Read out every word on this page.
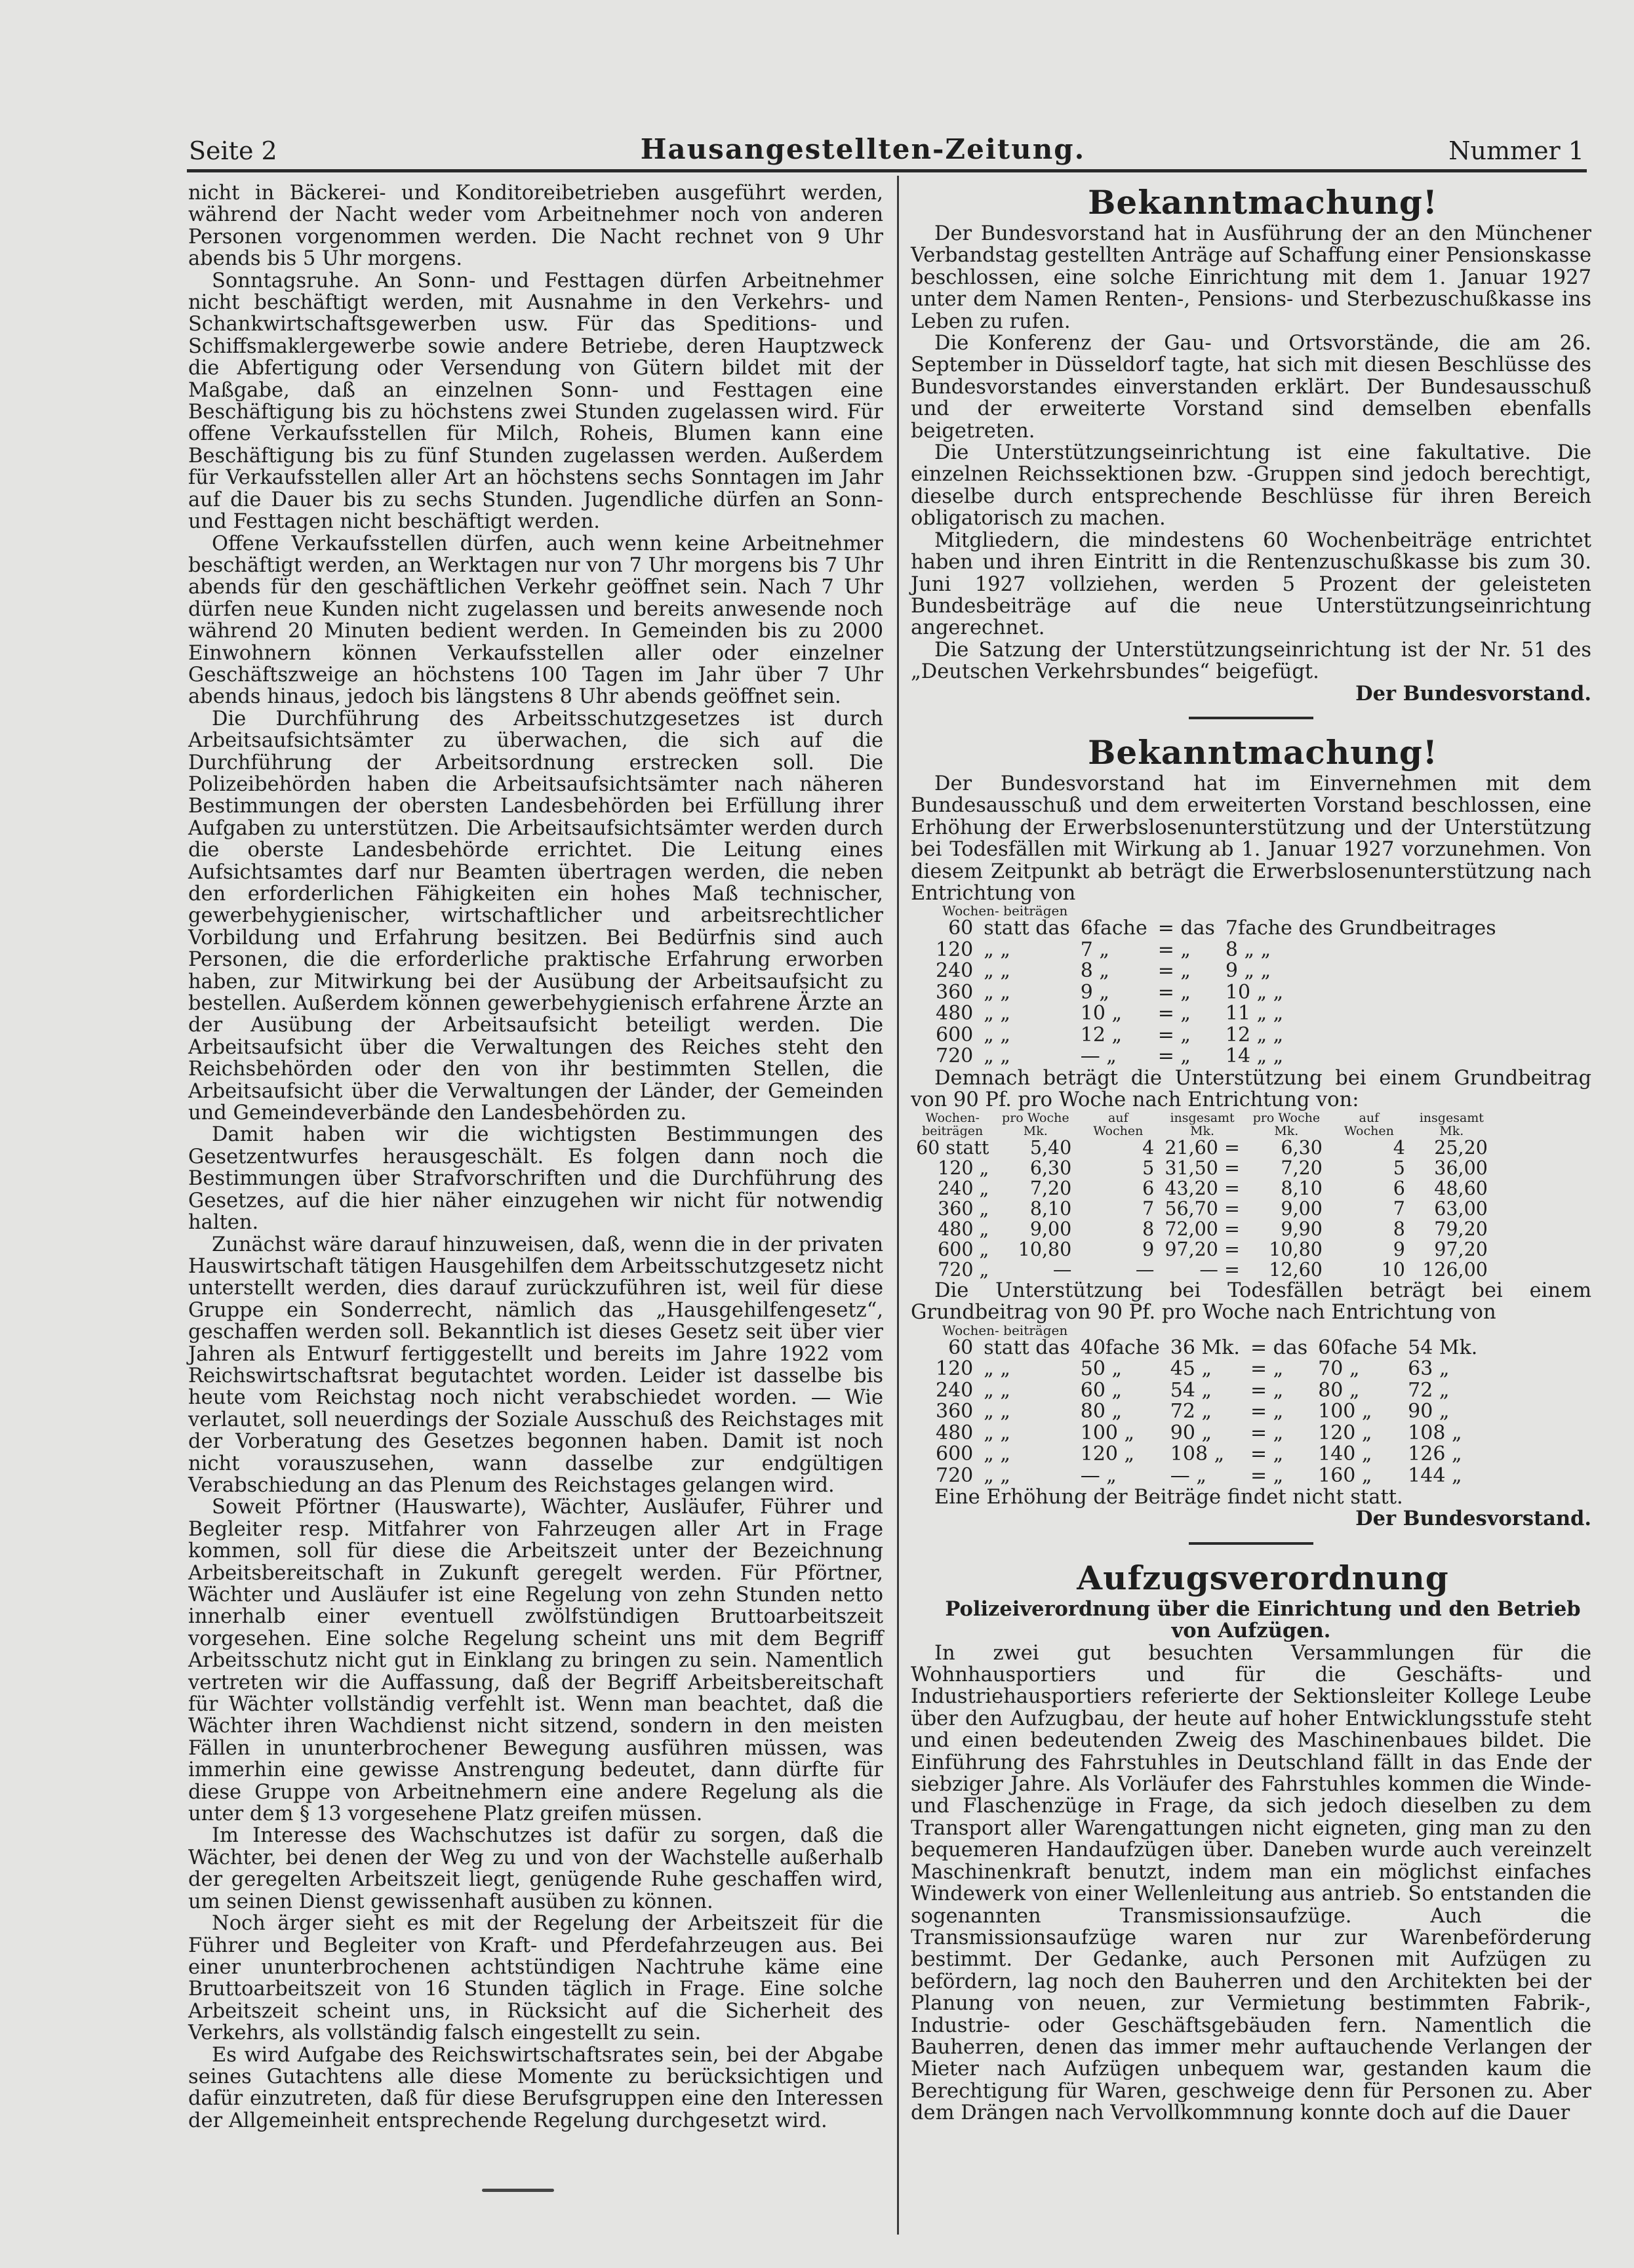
Seite 2	Hausangestellten-Zeitung.	Nummer 1

nicht in Bäckerei- und Konditoreibetrieben ausgeführt werden, während der Nacht weder vom Arbeitnehmer noch von anderen Personen vorgenommen werden. Die Nacht rechnet von 9 Uhr abends bis 5 Uhr morgens.

Sonntagsruhe. An Sonn- und Festtagen dürfen Arbeitnehmer nicht beschäftigt werden, mit Ausnahme in den Verkehrs- und Schankwirtschaftsgewerben usw. Für das Speditions- und Schiffsmaklergewerbe sowie andere Betriebe, deren Hauptzweck die Abfertigung oder Versendung von Gütern bildet mit der Maßgabe, daß an einzelnen Sonn- und Festtagen eine Beschäftigung bis zu höchstens zwei Stunden zugelassen wird. Für offene Verkaufsstellen für Milch, Roheis, Blumen kann eine Beschäftigung bis zu fünf Stunden zugelassen werden. Außerdem für Verkaufsstellen aller Art an höchstens sechs Sonntagen im Jahr auf die Dauer bis zu sechs Stunden. Jugendliche dürfen an Sonn- und Festtagen nicht beschäftigt werden.

Offene Verkaufsstellen dürfen, auch wenn keine Arbeitnehmer beschäftigt werden, an Werktagen nur von 7 Uhr morgens bis 7 Uhr abends für den geschäftlichen Verkehr geöffnet sein. Nach 7 Uhr dürfen neue Kunden nicht zugelassen und bereits anwesende noch während 20 Minuten bedient werden. In Gemeinden bis zu 2000 Einwohnern können Verkaufsstellen aller oder einzelner Geschäftszweige an höchstens 100 Tagen im Jahr über 7 Uhr abends hinaus, jedoch bis längstens 8 Uhr abends geöffnet sein.

Die Durchführung des Arbeitsschutzgesetzes ist durch Arbeitsaufsichtsämter zu überwachen, die sich auf die Durchführung der Arbeitsordnung erstrecken soll. Die Polizeibehörden haben die Arbeitsaufsichtsämter nach näheren Bestimmungen der obersten Landesbehörden bei Erfüllung ihrer Aufgaben zu unterstützen. Die Arbeitsaufsichtsämter werden durch die oberste Landesbehörde errichtet. Die Leitung eines Aufsichtsamtes darf nur Beamten übertragen werden, die neben den erforderlichen Fähigkeiten ein hohes Maß technischer, gewerbehygienischer, wirtschaftlicher und arbeitsrechtlicher Vorbildung und Erfahrung besitzen. Bei Bedürfnis sind auch Personen, die die erforderliche praktische Erfahrung erworben haben, zur Mitwirkung bei der Ausübung der Arbeitsaufsicht zu bestellen. Außerdem können gewerbehygienisch erfahrene Ärzte an der Ausübung der Arbeitsaufsicht beteiligt werden. Die Arbeitsaufsicht über die Verwaltungen des Reiches steht den Reichsbehörden oder den von ihr bestimmten Stellen, die Arbeitsaufsicht über die Verwaltungen der Länder, der Gemeinden und Gemeindeverbände den Landesbehörden zu.

Damit haben wir die wichtigsten Bestimmungen des Gesetzentwurfes herausgeschält. Es folgen dann noch die Bestimmungen über Strafvorschriften und die Durchführung des Gesetzes, auf die hier näher einzugehen wir nicht für notwendig halten.

Zunächst wäre darauf hinzuweisen, daß, wenn die in der privaten Hauswirtschaft tätigen Hausgehilfen dem Arbeitsschutzgesetz nicht unterstellt werden, dies darauf zurückzuführen ist, weil für diese Gruppe ein Sonderrecht, nämlich das „Hausgehilfengesetz“, geschaffen werden soll. Bekanntlich ist dieses Gesetz seit über vier Jahren als Entwurf fertiggestellt und bereits im Jahre 1922 vom Reichswirtschaftsrat begutachtet worden. Leider ist dasselbe bis heute vom Reichstag noch nicht verabschiedet worden. — Wie verlautet, soll neuerdings der Soziale Ausschuß des Reichstages mit der Vorberatung des Gesetzes begonnen haben. Damit ist noch nicht vorauszusehen, wann dasselbe zur endgültigen Verabschiedung an das Plenum des Reichstages gelangen wird.

Soweit Pförtner (Hauswarte), Wächter, Ausläufer, Führer und Begleiter resp. Mitfahrer von Fahrzeugen aller Art in Frage kommen, soll für diese die Arbeitszeit unter der Bezeichnung Arbeitsbereitschaft in Zukunft geregelt werden. Für Pförtner, Wächter und Ausläufer ist eine Regelung von zehn Stunden netto innerhalb einer eventuell zwölfstündigen Bruttoarbeitszeit vorgesehen. Eine solche Regelung scheint uns mit dem Begriff Arbeitsschutz nicht gut in Einklang zu bringen zu sein. Namentlich vertreten wir die Auffassung, daß der Begriff Arbeitsbereitschaft für Wächter vollständig verfehlt ist. Wenn man beachtet, daß die Wächter ihren Wachdienst nicht sitzend, sondern in den meisten Fällen in ununterbrochener Bewegung ausführen müssen, was immerhin eine gewisse Anstrengung bedeutet, dann dürfte für diese Gruppe von Arbeitnehmern eine andere Regelung als die unter dem § 13 vorgesehene Platz greifen müssen.

Im Interesse des Wachschutzes ist dafür zu sorgen, daß die Wächter, bei denen der Weg zu und von der Wachstelle außerhalb der geregelten Arbeitszeit liegt, genügende Ruhe geschaffen wird, um seinen Dienst gewissenhaft ausüben zu können.

Noch ärger sieht es mit der Regelung der Arbeitszeit für die Führer und Begleiter von Kraft- und Pferdefahrzeugen aus. Bei einer ununterbrochenen achtstündigen Nachtruhe käme eine Bruttoarbeitszeit von 16 Stunden täglich in Frage. Eine solche Arbeitszeit scheint uns, in Rücksicht auf die Sicherheit des Verkehrs, als vollständig falsch eingestellt zu sein.

Es wird Aufgabe des Reichswirtschaftsrates sein, bei der Abgabe seines Gutachtens alle diese Momente zu berücksichtigen und dafür einzutreten, daß für diese Berufsgruppen eine den Interessen der Allgemeinheit entsprechende Regelung durchgesetzt wird.

Bekanntmachung!

Der Bundesvorstand hat in Ausführung der an den Münchener Verbandstag gestellten Anträge auf Schaffung einer Pensionskasse beschlossen, eine solche Einrichtung mit dem 1. Januar 1927 unter dem Namen Renten-, Pensions- und Sterbezuschußkasse ins Leben zu rufen.

Die Konferenz der Gau- und Ortsvorstände, die am 26. September in Düsseldorf tagte, hat sich mit diesen Beschlüsse des Bundesvorstandes einverstanden erklärt. Der Bundesausschuß und der erweiterte Vorstand sind demselben ebenfalls beigetreten.

Die Unterstützungseinrichtung ist eine fakultative. Die einzelnen Reichssektionen bzw. -Gruppen sind jedoch berechtigt, dieselbe durch entsprechende Beschlüsse für ihren Bereich obligatorisch zu machen.

Mitgliedern, die mindestens 60 Wochenbeiträge entrichtet haben und ihren Eintritt in die Rentenzuschußkasse bis zum 30. Juni 1927 vollziehen, werden 5 Prozent der geleisteten Bundesbeiträge auf die neue Unterstützungseinrichtung angerechnet.

Die Satzung der Unterstützungseinrichtung ist der Nr. 51 des „Deutschen Verkehrsbundes“ beigefügt.

Der Bundesvorstand.

Bekanntmachung!

Der Bundesvorstand hat im Einvernehmen mit dem Bundesausschuß und dem erweiterten Vorstand beschlossen, eine Erhöhung der Erwerbslosenunterstützung und der Unterstützung bei Todesfällen mit Wirkung ab 1. Januar 1927 vorzunehmen. Von diesem Zeitpunkt ab beträgt die Erwerbslosenunterstützung nach Entrichtung von

Wochen- beiträgen
60	statt das	6fache	= das	7fache des Grundbeitrages
120	„ „	7 „	= „	8 „ „
240	„ „	8 „	= „	9 „ „
360	„ „	9 „	= „	10 „ „
480	„ „	10 „	= „	11 „ „
600	„ „	12 „	= „	12 „ „
720	„ „	— „	= „	14 „ „

Demnach beträgt die Unterstützung bei einem Grundbeitrag von 90 Pf. pro Woche nach Entrichtung von:

Wochen- beiträgen	pro Woche Mk.	auf Wochen	insgesamt Mk.	pro Woche Mk.	auf Wochen	insgesamt Mk.
60 statt	5,40	4	21,60 =	6,30	4	25,20
120 „	6,30	5	31,50 =	7,20	5	36,00
240 „	7,20	6	43,20 =	8,10	6	48,60
360 „	8,10	7	56,70 =	9,00	7	63,00
480 „	9,00	8	72,00 =	9,90	8	79,20
600 „	10,80	9	97,20 =	10,80	9	97,20
720 „	—	—	— =	12,60	10	126,00

Die Unterstützung bei Todesfällen beträgt bei einem Grundbeitrag von 90 Pf. pro Woche nach Entrichtung von

Wochen- beiträgen
60	statt das	40fache	36 Mk.	= das	60fache	54 Mk.
120	„ „	50 „	45 „	= „	70 „	63 „
240	„ „	60 „	54 „	= „	80 „	72 „
360	„ „	80 „	72 „	= „	100 „	90 „
480	„ „	100 „	90 „	= „	120 „	108 „
600	„ „	120 „	108 „	= „	140 „	126 „
720	„ „	— „	— „	= „	160 „	144 „

Eine Erhöhung der Beiträge findet nicht statt.

Der Bundesvorstand.

Aufzugsverordnung

Polizeiverordnung über die Einrichtung und den Betrieb von Aufzügen.

In zwei gut besuchten Versammlungen für die Wohnhausportiers und für die Geschäfts- und Industriehausportiers referierte der Sektionsleiter Kollege Leube über den Aufzugbau, der heute auf hoher Entwicklungsstufe steht und einen bedeutenden Zweig des Maschinenbaues bildet. Die Einführung des Fahrstuhles in Deutschland fällt in das Ende der siebziger Jahre. Als Vorläufer des Fahrstuhles kommen die Winde- und Flaschenzüge in Frage, da sich jedoch dieselben zu dem Transport aller Warengattungen nicht eigneten, ging man zu den bequemeren Handaufzügen über. Daneben wurde auch vereinzelt Maschinenkraft benutzt, indem man ein möglichst einfaches Windewerk von einer Wellenleitung aus antrieb. So entstanden die sogenannten Transmissionsaufzüge. Auch die Transmissionsaufzüge waren nur zur Warenbeförderung bestimmt. Der Gedanke, auch Personen mit Aufzügen zu befördern, lag noch den Bauherren und den Architekten bei der Planung von neuen, zur Vermietung bestimmten Fabrik-, Industrie- oder Geschäftsgebäuden fern. Namentlich die Bauherren, denen das immer mehr auftauchende Verlangen der Mieter nach Aufzügen unbequem war, gestanden kaum die Berechtigung für Waren, geschweige denn für Personen zu. Aber dem Drängen nach Vervollkommnung konnte doch auf die Dauer
